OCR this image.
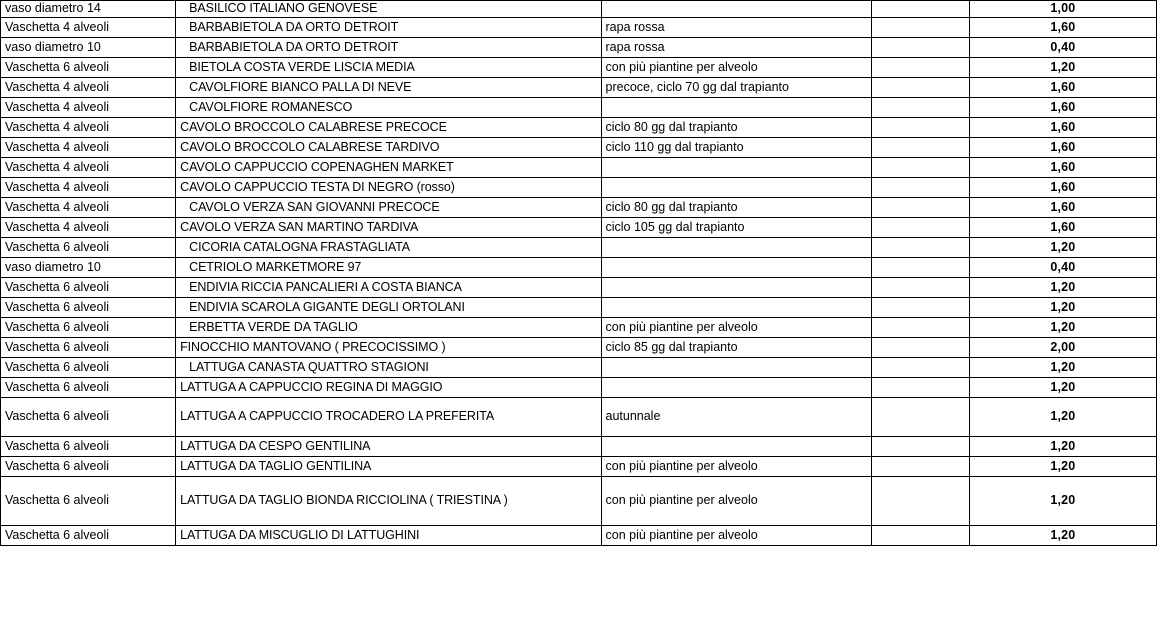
vaso diametro 14	BASILICO ITALIANO GENOVESE			1,00
Vaschetta 4 alveoli	BARBABIETOLA DA ORTO DETROIT	rapa rossa		1,60
vaso diametro 10	BARBABIETOLA DA ORTO DETROIT	rapa rossa		0,40
Vaschetta 6 alveoli	BIETOLA COSTA VERDE LISCIA MEDIA	con più piantine per alveolo		1,20
Vaschetta 4 alveoli	CAVOLFIORE BIANCO PALLA DI NEVE	precoce, ciclo 70 gg dal trapianto		1,60
Vaschetta 4 alveoli	CAVOLFIORE ROMANESCO			1,60
Vaschetta 4 alveoli	CAVOLO BROCCOLO CALABRESE PRECOCE	ciclo 80 gg dal trapianto		1,60
Vaschetta 4 alveoli	CAVOLO BROCCOLO CALABRESE TARDIVO	ciclo 110 gg dal trapianto		1,60
Vaschetta 4 alveoli	CAVOLO CAPPUCCIO COPENAGHEN MARKET			1,60
Vaschetta 4 alveoli	CAVOLO CAPPUCCIO TESTA DI NEGRO (rosso)			1,60
Vaschetta 4 alveoli	CAVOLO VERZA SAN GIOVANNI PRECOCE	ciclo 80 gg dal trapianto		1,60
Vaschetta 4 alveoli	CAVOLO VERZA SAN MARTINO TARDIVA	ciclo 105 gg dal trapianto		1,60
Vaschetta 6 alveoli	CICORIA CATALOGNA FRASTAGLIATA			1,20
vaso diametro 10	CETRIOLO MARKETMORE 97			0,40
Vaschetta 6 alveoli	ENDIVIA RICCIA PANCALIERI A COSTA BIANCA			1,20
Vaschetta 6 alveoli	ENDIVIA SCAROLA GIGANTE DEGLI ORTOLANI			1,20
Vaschetta 6 alveoli	ERBETTA VERDE DA TAGLIO	con più piantine per alveolo		1,20
Vaschetta 6 alveoli	FINOCCHIO MANTOVANO ( PRECOCISSIMO )	ciclo 85 gg dal trapianto		2,00
Vaschetta 6 alveoli	LATTUGA CANASTA QUATTRO STAGIONI			1,20
Vaschetta 6 alveoli	LATTUGA A CAPPUCCIO REGINA DI MAGGIO			1,20
Vaschetta 6 alveoli	LATTUGA A CAPPUCCIO TROCADERO LA PREFERITA	autunnale		1,20
Vaschetta 6 alveoli	LATTUGA DA CESPO GENTILINA			1,20
Vaschetta 6 alveoli	LATTUGA DA TAGLIO GENTILINA	con più piantine per alveolo		1,20
Vaschetta 6 alveoli	LATTUGA DA TAGLIO BIONDA RICCIOLINA ( TRIESTINA )	con più piantine per alveolo		1,20
Vaschetta 6 alveoli	LATTUGA DA MISCUGLIO DI LATTUGHINI	con più piantine per alveolo		1,20
